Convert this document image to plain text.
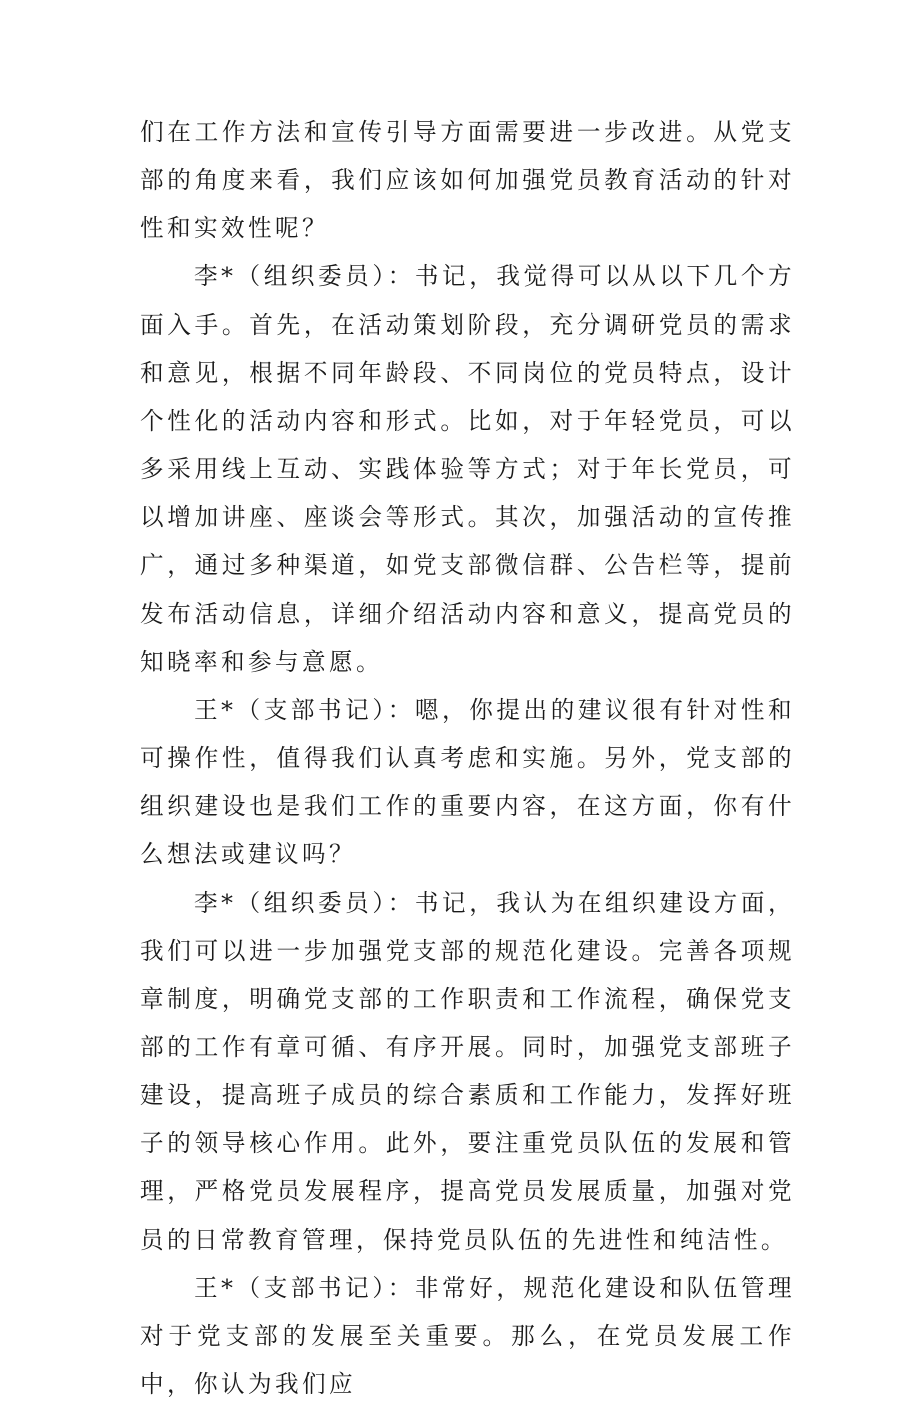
们在工作方法和宣传引导方面需要进一步改进。从党支部的角度来看，我们应该如何加强党员教育活动的针对性和实效性呢？

李*（组织委员）：书记，我觉得可以从以下几个方面入手。首先，在活动策划阶段，充分调研党员的需求和意见，根据不同年龄段、不同岗位的党员特点，设计个性化的活动内容和形式。比如，对于年轻党员，可以多采用线上互动、实践体验等方式；对于年长党员，可以增加讲座、座谈会等形式。其次，加强活动的宣传推广，通过多种渠道，如党支部微信群、公告栏等，提前发布活动信息，详细介绍活动内容和意义，提高党员的知晓率和参与意愿。

王*（支部书记）：嗯，你提出的建议很有针对性和可操作性，值得我们认真考虑和实施。另外，党支部的组织建设也是我们工作的重要内容，在这方面，你有什么想法或建议吗？

李*（组织委员）：书记，我认为在组织建设方面，我们可以进一步加强党支部的规范化建设。完善各项规章制度，明确党支部的工作职责和工作流程，确保党支部的工作有章可循、有序开展。同时，加强党支部班子建设，提高班子成员的综合素质和工作能力，发挥好班子的领导核心作用。此外，要注重党员队伍的发展和管理，严格党员发展程序，提高党员发展质量，加强对党员的日常教育管理，保持党员队伍的先进性和纯洁性。

王*（支部书记）：非常好，规范化建设和队伍管理对于党支部的发展至关重要。那么，在党员发展工作中，你认为我们应
